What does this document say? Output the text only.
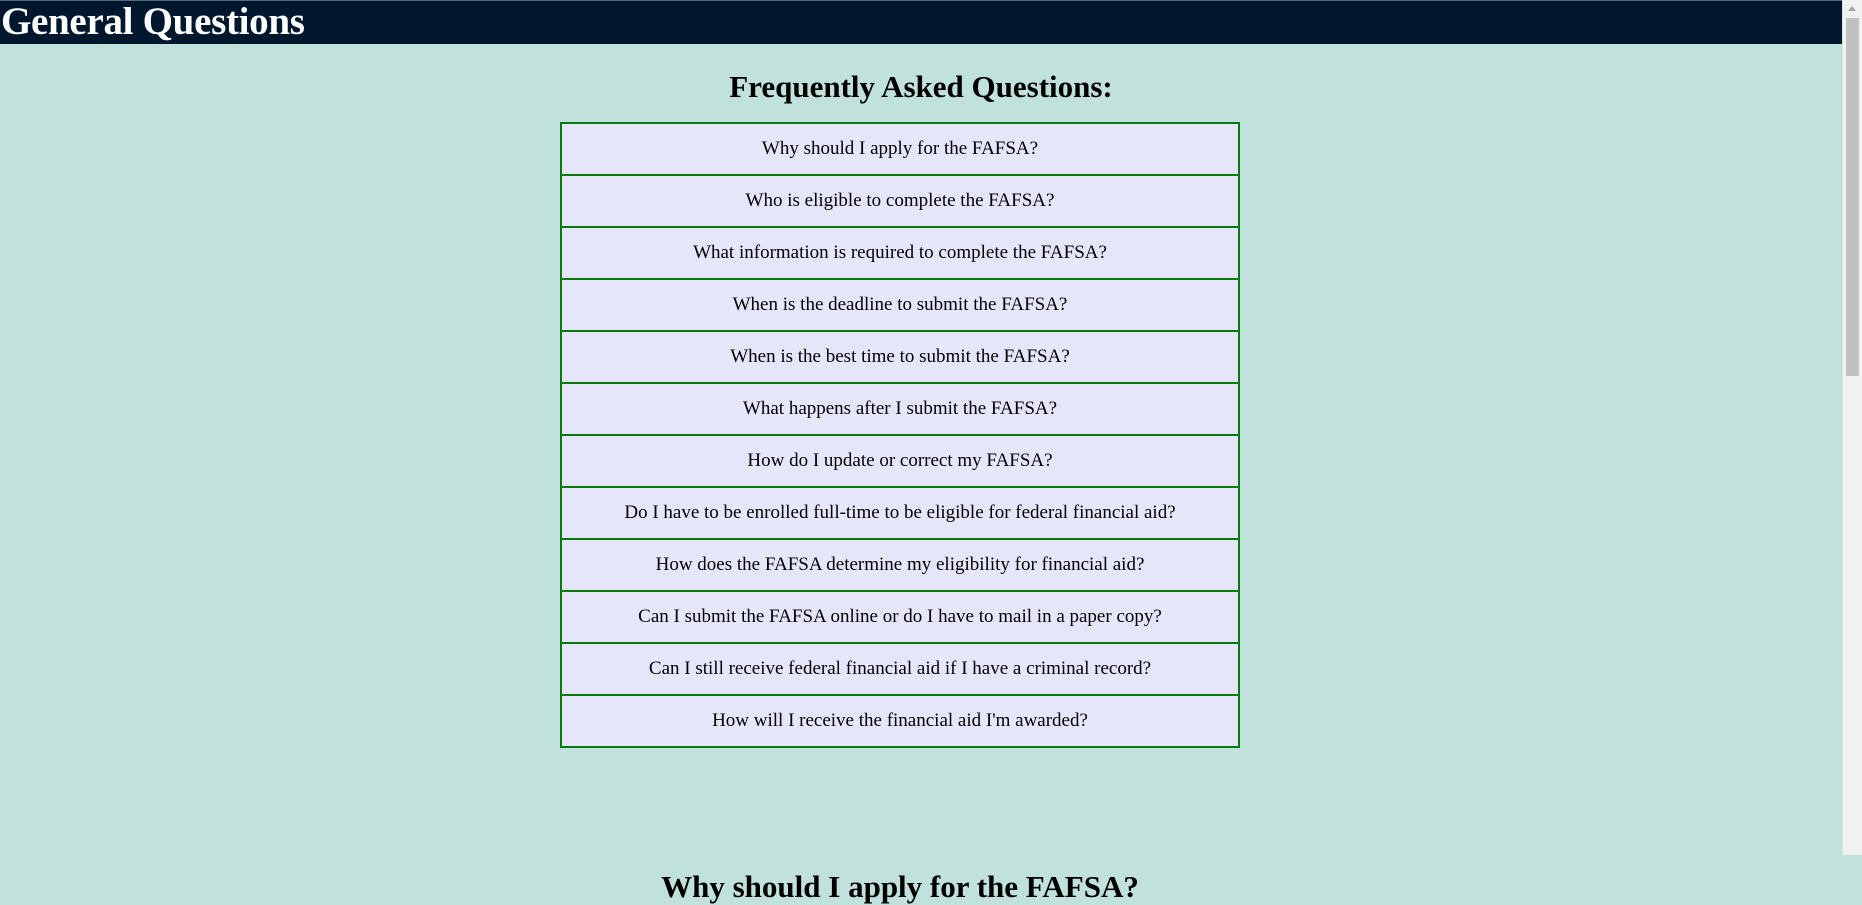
General Questions
Frequently Asked Questions:
Why should I apply for the FAFSA?
Who is eligible to complete the FAFSA?
What information is required to complete the FAFSA?
When is the deadline to submit the FAFSA?
When is the best time to submit the FAFSA?
What happens after I submit the FAFSA?
How do I update or correct my FAFSA?
Do I have to be enrolled full-time to be eligible for federal financial aid?
How does the FAFSA determine my eligibility for financial aid?
Can I submit the FAFSA online or do I have to mail in a paper copy?
Can I still receive federal financial aid if I have a criminal record?
How will I receive the financial aid I'm awarded?
Why should I apply for the FAFSA?
